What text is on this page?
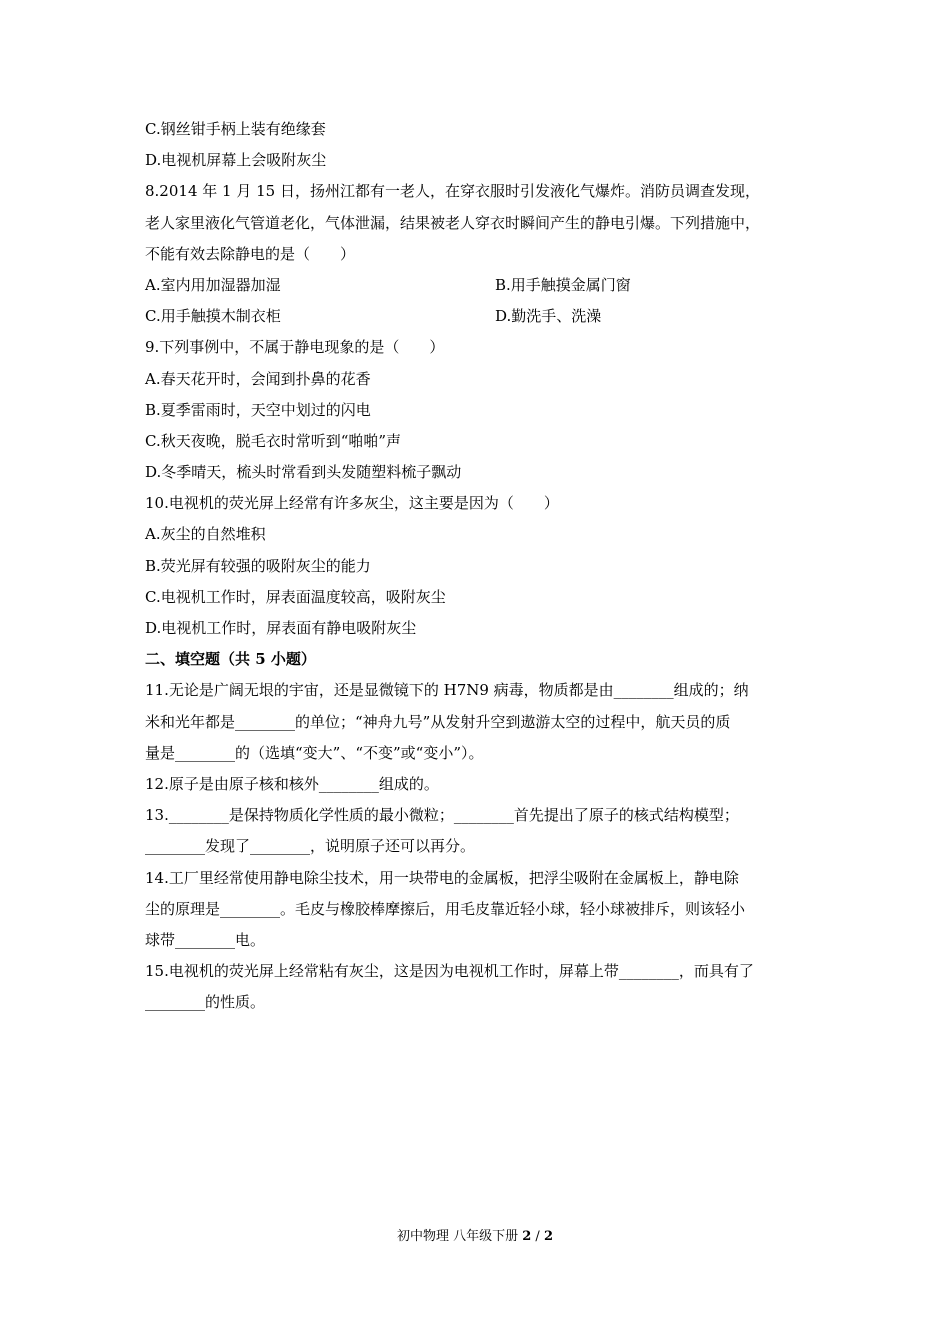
C.钢丝钳手柄上装有绝缘套
D.电视机屏幕上会吸附灰尘
8.2014 年 1 月 15 日，扬州江都有一老人，在穿衣服时引发液化气爆炸。消防员调查发现，
老人家里液化气管道老化，气体泄漏，结果被老人穿衣时瞬间产生的静电引爆。下列措施中，
不能有效去除静电的是（　　）
A.室内用加湿器加湿	B.用手触摸金属门窗
C.用手触摸木制衣柜	D.勤洗手、洗澡
9.下列事例中，不属于静电现象的是（　　）
A.春天花开时，会闻到扑鼻的花香
B.夏季雷雨时，天空中划过的闪电
C.秋天夜晚，脱毛衣时常听到“啪啪”声
D.冬季晴天，梳头时常看到头发随塑料梳子飘动
10.电视机的荧光屏上经常有许多灰尘，这主要是因为（　　）
A.灰尘的自然堆积
B.荧光屏有较强的吸附灰尘的能力
C.电视机工作时，屏表面温度较高，吸附灰尘
D.电视机工作时，屏表面有静电吸附灰尘
二、填空题（共 5 小题）
11.无论是广阔无垠的宇宙，还是显微镜下的 H7N9 病毒，物质都是由________组成的；纳
米和光年都是________的单位；“神舟九号”从发射升空到遨游太空的过程中，航天员的质
量是________的（选填“变大”、“不变”或“变小”）。
12.原子是由原子核和核外________组成的。
13.________是保持物质化学性质的最小微粒；________首先提出了原子的核式结构模型；
________发现了________，说明原子还可以再分。
14.工厂里经常使用静电除尘技术，用一块带电的金属板，把浮尘吸附在金属板上，静电除
尘的原理是________。毛皮与橡胶棒摩擦后，用毛皮靠近轻小球，轻小球被排斥，则该轻小
球带________电。
15.电视机的荧光屏上经常粘有灰尘，这是因为电视机工作时，屏幕上带________，而具有了
________的性质。
初中物理 八年级下册 2 / 2
